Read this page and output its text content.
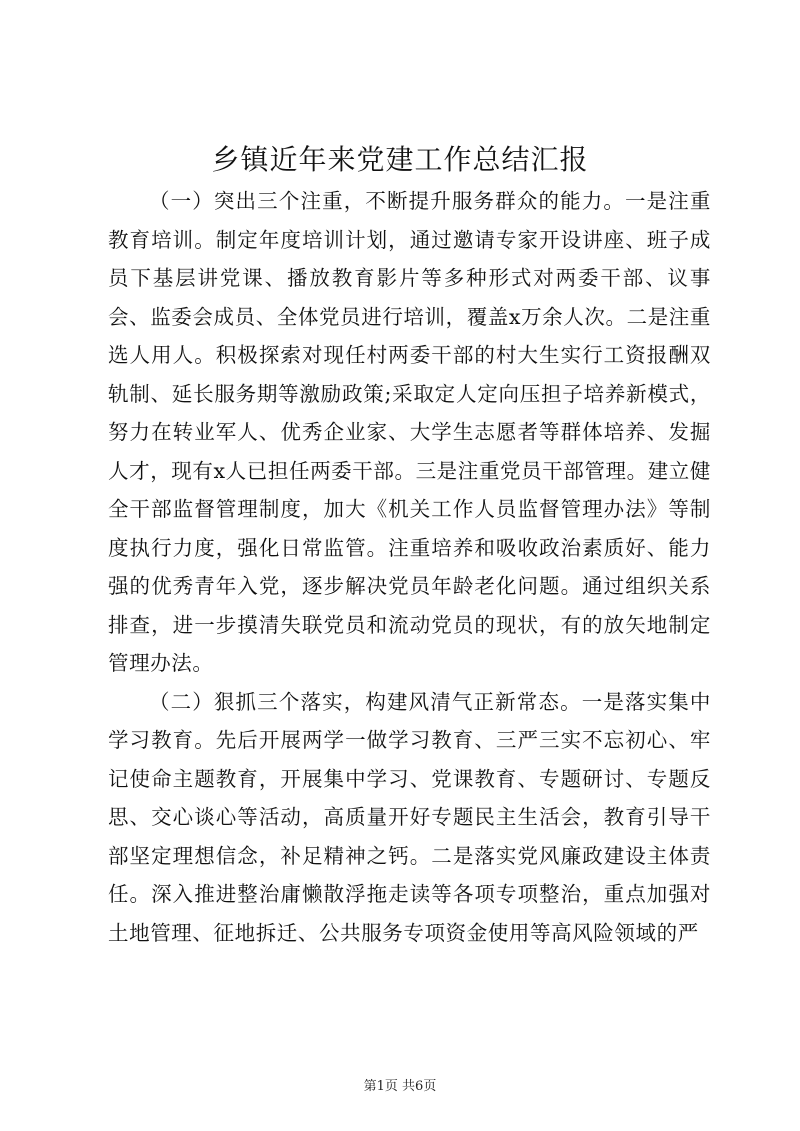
乡镇近年来党建工作总结汇报

（一）突出三个注重，不断提升服务群众的能力。一是注重教育培训。制定年度培训计划，通过邀请专家开设讲座、班子成员下基层讲党课、播放教育影片等多种形式对两委干部、议事会、监委会成员、全体党员进行培训，覆盖x万余人次。二是注重选人用人。积极探索对现任村两委干部的村大生实行工资报酬双轨制、延长服务期等激励政策;采取定人定向压担子培养新模式，努力在转业军人、优秀企业家、大学生志愿者等群体培养、发掘人才，现有x人已担任两委干部。三是注重党员干部管理。建立健全干部监督管理制度，加大《机关工作人员监督管理办法》等制度执行力度，强化日常监管。注重培养和吸收政治素质好、能力强的优秀青年入党，逐步解决党员年龄老化问题。通过组织关系排查，进一步摸清失联党员和流动党员的现状，有的放矢地制定管理办法。

（二）狠抓三个落实，构建风清气正新常态。一是落实集中学习教育。先后开展两学一做学习教育、三严三实不忘初心、牢记使命主题教育，开展集中学习、党课教育、专题研讨、专题反思、交心谈心等活动，高质量开好专题民主生活会，教育引导干部坚定理想信念，补足精神之钙。二是落实党风廉政建设主体责任。深入推进整治庸懒散浮拖走读等各项专项整治，重点加强对土地管理、征地拆迁、公共服务专项资金使用等高风险领域的严

第1页 共6页
